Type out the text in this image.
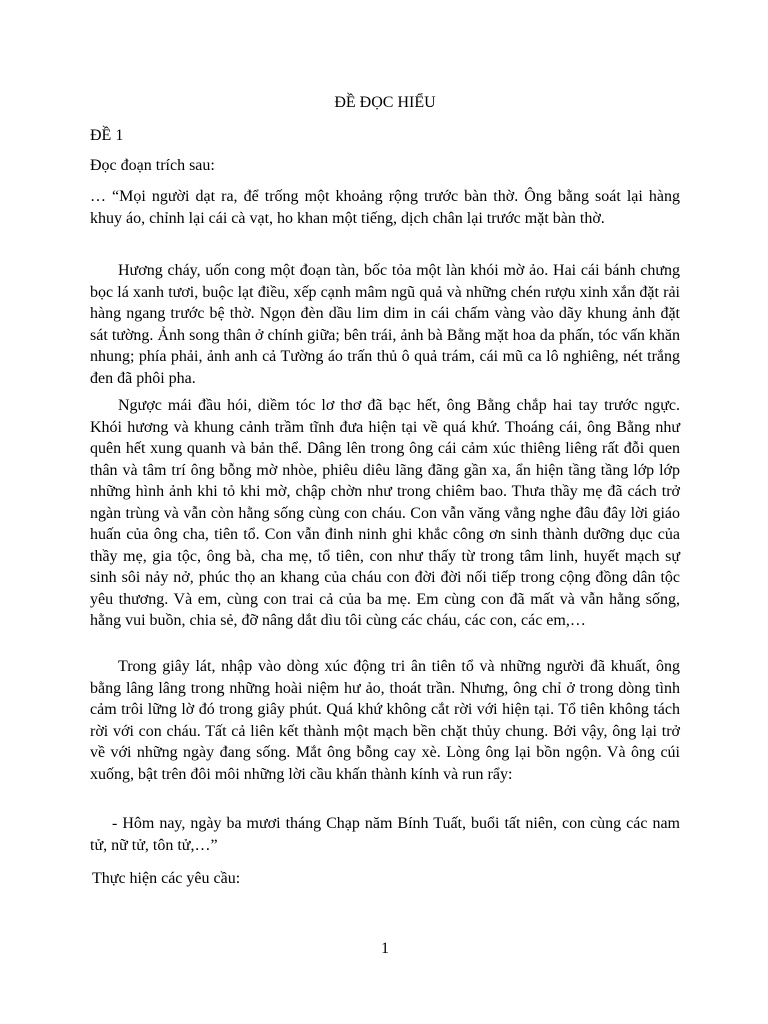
ĐỀ ĐỌC HIỂU

ĐỀ 1

Đọc đoạn trích sau:

… “Mọi người dạt ra, để trống một khoảng rộng trước bàn thờ. Ông bằng soát lại hàng khuy áo, chỉnh lại cái cà vạt, ho khan một tiếng, dịch chân lại trước mặt bàn thờ.

Hương cháy, uốn cong một đoạn tàn, bốc tỏa một làn khói mờ ảo. Hai cái bánh chưng bọc lá xanh tươi, buộc lạt điều, xếp cạnh mâm ngũ quả và những chén rượu xinh xắn đặt rải hàng ngang trước bệ thờ. Ngọn đèn dầu lim dim in cái chấm vàng vào dãy khung ảnh đặt sát tường. Ảnh song thân ở chính giữa; bên trái, ảnh bà Bằng mặt hoa da phấn, tóc vấn khăn nhung; phía phải, ảnh anh cả Tường áo trấn thủ ô quả trám, cái mũ ca lô nghiêng, nét trắng đen đã phôi pha.

Ngược mái đầu hói, diềm tóc lơ thơ đã bạc hết, ông Bằng chắp hai tay trước ngực. Khói hương và khung cảnh trầm tĩnh đưa hiện tại về quá khứ. Thoáng cái, ông Bằng như quên hết xung quanh và bản thể. Dâng lên trong ông cái cảm xúc thiêng liêng rất đỗi quen thân và tâm trí ông bỗng mờ nhòe, phiêu diêu lãng đãng gần xa, ẩn hiện tầng tầng lớp lớp những hình ảnh khi tỏ khi mờ, chập chờn như trong chiêm bao. Thưa thầy mẹ đã cách trở ngàn trùng và vẫn còn hằng sống cùng con cháu. Con vẫn văng vẳng nghe đâu đây lời giáo huấn của ông cha, tiên tổ. Con vẫn đinh ninh ghi khắc công ơn sinh thành dưỡng dục của thầy mẹ, gia tộc, ông bà, cha mẹ, tổ tiên, con như thấy từ trong tâm linh, huyết mạch sự sinh sôi nảy nở, phúc thọ an khang của cháu con đời đời nối tiếp trong cộng đồng dân tộc yêu thương. Và em, cùng con trai cả của ba mẹ. Em cùng con đã mất và vẫn hằng sống, hằng vui buồn, chia sẻ, đỡ nâng dắt dìu tôi cùng các cháu, các con, các em,…

Trong giây lát, nhập vào dòng xúc động tri ân tiên tổ và những người đã khuất, ông bằng lâng lâng trong những hoài niệm hư ảo, thoát trần. Nhưng, ông chỉ ở trong dòng tình cảm trôi lững lờ đó trong giây phút. Quá khứ không cắt rời với hiện tại. Tổ tiên không tách rời với con cháu. Tất cả liên kết thành một mạch bền chặt thủy chung. Bởi vậy, ông lại trở về với những ngày đang sống. Mắt ông bỗng cay xè. Lòng ông lại bồn ngộn. Và ông cúi xuống, bật trên đôi môi những lời cầu khấn thành kính và run rẩy:

- Hôm nay, ngày ba mươi tháng Chạp năm Bính Tuất, buổi tất niên, con cùng các nam tử, nữ tử, tôn tử,…”

Thực hiện các yêu cầu:

1
